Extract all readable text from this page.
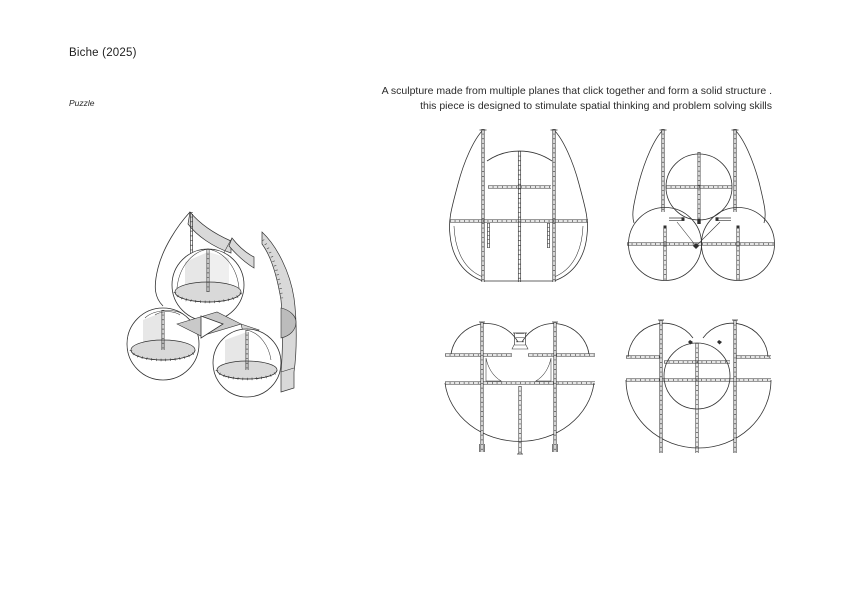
Biche (2025)
Puzzle
A sculpture made from multiple planes that click together and form a solid structure .
this piece is designed to stimulate spatial thinking and problem solving skills
